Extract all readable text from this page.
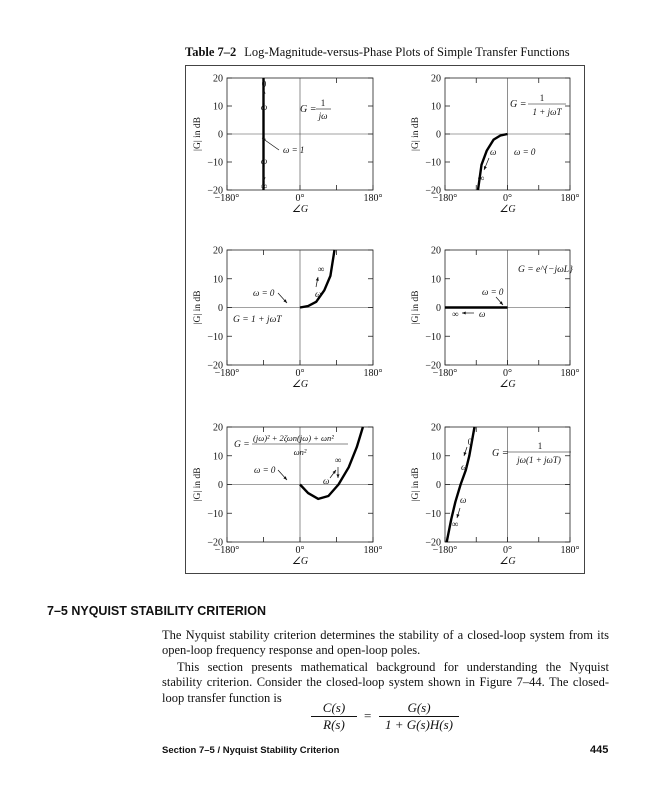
Table 7–2 Log-Magnitude-versus-Phase Plots of Simple Transfer Functions
20
10
0
−10
−20
−180°	0°	180°
|G| in dB
∠G
20
10
0
−10
−20
−180°	0°	180°
|G| in dB
∠G
20
10
0
−10
−20
−180°	0°	180°
|G| in dB
∠G
20
10
0
−10
−20
−180°	0°	180°
|G| in dB
∠G
20
10
0
−10
−20
−180°	0°	180°
|G| in dB
∠G
20
10
0
−10
−20
−180°	0°	180°
|G| in dB
∠G
0
ω
ω = 1
ω
∞
G =
1
jω
ω ω = 0
∞
G =
1
1 + jωT
ω = 0	ω
∞
G = 1 + jωT
G = e^{−jωL}
ω = 0
∞ ω
G =
(jω)² + 2ζωn(jω) + ωn²
ωn²
ω = 0
∞
ω
0
ω
ω
∞
G =
1
jω(1 + jωT)
7–5 NYQUIST STABILITY CRITERION
The Nyquist stability criterion determines the stability of a closed-loop system from its open-loop frequency response and open-loop poles.
This section presents mathematical background for understanding the Nyquist stability criterion. Consider the closed-loop system shown in Figure 7–44. The closed-loop transfer function is
C(s)
R(s)
=
G(s)
1 + G(s)H(s)
Section 7–5 / Nyquist Stability Criterion	445
